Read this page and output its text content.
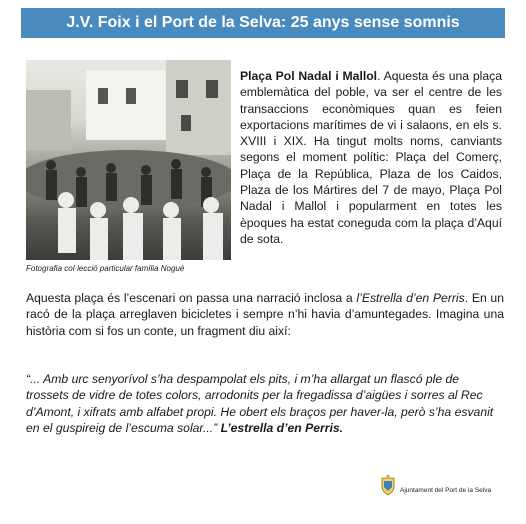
J.V. Foix i el Port de la Selva: 25 anys sense somnis
Fotografia col·lecció particular família Nogué
Plaça Pol Nadal i Mallol. Aquesta és una plaça emblemàtica del poble, va ser el centre de les transaccions econòmiques quan es feien exportacions marítimes de vi i salaons, en els s. XVIII i XIX. Ha tingut molts noms, canviants segons el moment polític: Plaça del Comerç, Plaça de la República, Plaza de los Caidos, Plaza de los Mártires del 7 de mayo, Plaça Pol Nadal i Mallol i popularment en totes les èpoques ha estat coneguda com la plaça d’Aquí de sota.
Aquesta plaça és l’escenari on passa una narració inclosa a l’Estrella d’en Perris. En un racó de la plaça arreglaven bicicletes i sempre n’hi havia d’amuntegades. Imagina una història com si fos un conte, un fragment diu així:
“... Amb urc senyorívol s’ha despampolat els pits, i m’ha allargat un flascó ple de trossets de vidre de totes colors, arrodonits per la fregadissa d’aigües i sorres al Rec d’Amont, i xifrats amb alfabet propi. He obert els braços per haver-la, però s’ha esvanit en el guspireig de l’escuma solar...” L’estrella d’en Perris.
Ajuntament del Port de la Selva
